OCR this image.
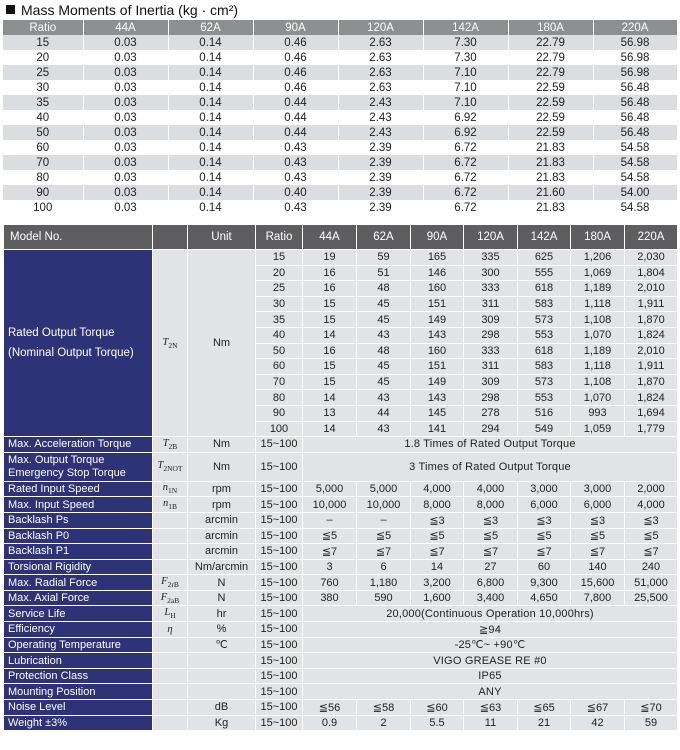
Mass Moments of Inertia (kg · cm²)
Ratio	44A	62A	90A	120A	142A	180A	220A
15	0.03	0.14	0.46	2.63	7.30	22.79	56.98
20	0.03	0.14	0.46	2.63	7.30	22.79	56.98
25	0.03	0.14	0.46	2.63	7.10	22.79	56.98
30	0.03	0.14	0.46	2.63	7.10	22.59	56.48
35	0.03	0.14	0.44	2.43	7.10	22.59	56.48
40	0.03	0.14	0.44	2.43	6.92	22.59	56.48
50	0.03	0.14	0.44	2.43	6.92	22.59	56.48
60	0.03	0.14	0.43	2.39	6.72	21.83	54.58
70	0.03	0.14	0.43	2.39	6.72	21.83	54.58
80	0.03	0.14	0.43	2.39	6.72	21.83	54.58
90	0.03	0.14	0.40	2.39	6.72	21.60	54.00
100	0.03	0.14	0.43	2.39	6.72	21.83	54.58
Model No.		Unit	Ratio	44A	62A	90A	120A	142A	180A	220A

Rated Output Torque
(Nominal Output Torque)	$T_{2N}$	Nm	15	19	59	165	335	625	1,206	2,030
			20	16	51	146	300	555	1,069	1,804
			25	16	48	160	333	618	1,189	2,010
			30	15	45	151	311	583	1,118	1,911
			35	15	45	149	309	573	1,108	1,870
			40	14	43	143	298	553	1,070	1,824
			50	16	48	160	333	618	1,189	2,010
			60	15	45	151	311	583	1,118	1,911
			70	15	45	149	309	573	1,108	1,870
			80	14	43	143	298	553	1,070	1,824
			90	13	44	145	278	516	993	1,694
			100	14	43	141	294	549	1,059	1,779
Max. Acceleration Torque	$T_{2B}$	Nm	15~100	1.8 Times of Rated Output Torque						

Max. Output Torque
Emergency Stop Torque	$T_{2NOT}$	Nm	15~100	3 Times of Rated Output Torque						
Rated Input Speed	$n_{1N}$	rpm	15~100	5,000	5,000	4,000	4,000	3,000	3,000	2,000
Max. Input Speed	$n_{1B}$	rpm	15~100	10,000	10,000	8,000	8,000	6,000	6,000	4,000
Backlash Ps		arcmin	15~100	–	–	≦3	≦3	≦3	≦3	≦3
Backlash P0		arcmin	15~100	≦5	≦5	≦5	≦5	≦5	≦5	≦5
Backlash P1		arcmin	15~100	≦7	≦7	≦7	≦7	≦7	≦7	≦7
Torsional Rigidity		Nm/arcmin	15~100	3	6	14	27	60	140	240
Max. Radial Force	$F_{2rB}$	N	15~100	760	1,180	3,200	6,800	9,300	15,600	51,000
Max. Axial Force	$F_{2aB}$	N	15~100	380	590	1,600	3,400	4,650	7,800	25,500
Service Life	$L_H$	hr	15~100	20,000(Continuous Operation 10,000hrs)						
Efficiency	η	%	15~100	≧94						
Operating Temperature		℃	15~100	-25℃~ +90℃						
Lubrication			15~100	VIGO GREASE RE #0						
Protection Class			15~100	IP65						
Mounting Position			15~100	ANY						
Noise Level		dB	15~100	≦56	≦58	≦60	≦63	≦65	≦67	≦70
Weight ±3%		Kg	15~100	0.9	2	5.5	11	21	42	59
